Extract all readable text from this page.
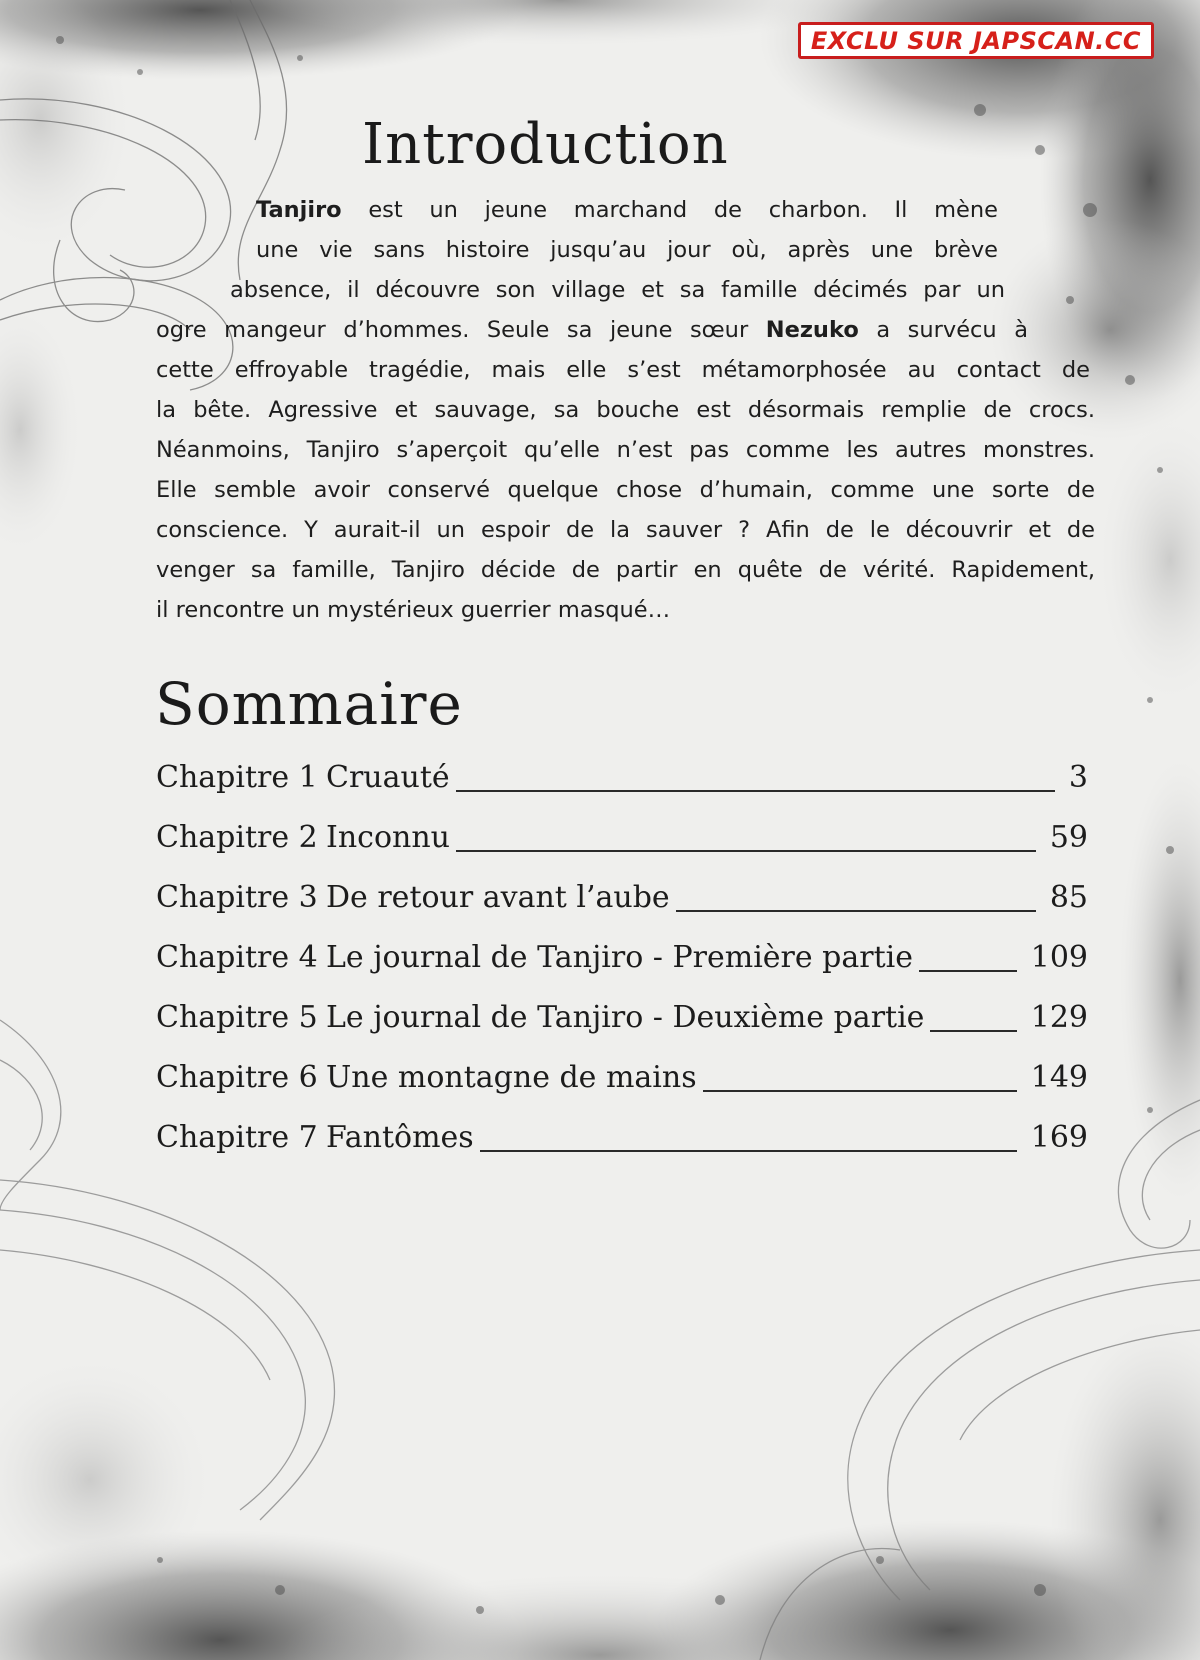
EXCLU SUR JAPSCAN.CC
Introduction
Tanjiro est un jeune marchand de charbon. Il mène
une vie sans histoire jusqu’au jour où, après une brève
absence, il découvre son village et sa famille décimés par un
ogre mangeur d’hommes. Seule sa jeune sœur Nezuko a survécu à
cette effroyable tragédie, mais elle s’est métamorphosée au contact de
la bête. Agressive et sauvage, sa bouche est désormais remplie de crocs.
Néanmoins, Tanjiro s’aperçoit qu’elle n’est pas comme les autres monstres.
Elle semble avoir conservé quelque chose d’humain, comme une sorte de
conscience. Y aurait-il un espoir de la sauver ? Afin de le découvrir et de
venger sa famille, Tanjiro décide de partir en quête de vérité. Rapidement,
il rencontre un mystérieux guerrier masqué…
Sommaire
Chapitre 1 Cruauté	3
Chapitre 2 Inconnu	59
Chapitre 3 De retour avant l’aube	85
Chapitre 4 Le journal de Tanjiro - Première partie	109
Chapitre 5 Le journal de Tanjiro - Deuxième partie	129
Chapitre 6 Une montagne de mains	149
Chapitre 7 Fantômes	169
